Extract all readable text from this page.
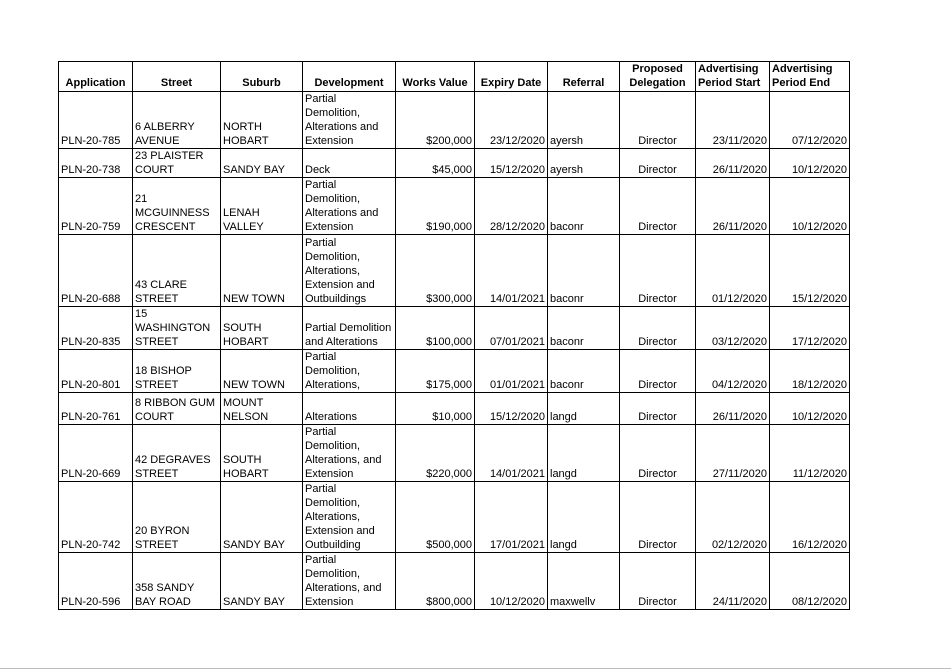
Application	Street	Suburb	Development	Works Value	Expiry Date	Referral	Proposed Delegation	Advertising Period Start	Advertising Period End
PLN-20-785	6 ALBERRY AVENUE	NORTH HOBART	Partial Demolition, Alterations and Extension	$200,000	23/12/2020	ayersh	Director	23/11/2020	07/12/2020
PLN-20-738	23 PLAISTER COURT	SANDY BAY	Deck	$45,000	15/12/2020	ayersh	Director	26/11/2020	10/12/2020
PLN-20-759	21 MCGUINNESS CRESCENT	LENAH VALLEY	Partial Demolition, Alterations and Extension	$190,000	28/12/2020	baconr	Director	26/11/2020	10/12/2020
PLN-20-688	43 CLARE STREET	NEW TOWN	Partial Demolition, Alterations, Extension and Outbuildings	$300,000	14/01/2021	baconr	Director	01/12/2020	15/12/2020
PLN-20-835	15 WASHINGTON STREET	SOUTH HOBART	Partial Demolition and Alterations	$100,000	07/01/2021	baconr	Director	03/12/2020	17/12/2020
PLN-20-801	18 BISHOP STREET	NEW TOWN	Partial Demolition, Alterations,	$175,000	01/01/2021	baconr	Director	04/12/2020	18/12/2020
PLN-20-761	8 RIBBON GUM COURT	MOUNT NELSON	Alterations	$10,000	15/12/2020	langd	Director	26/11/2020	10/12/2020
PLN-20-669	42 DEGRAVES STREET	SOUTH HOBART	Partial Demolition, Alterations, and Extension	$220,000	14/01/2021	langd	Director	27/11/2020	11/12/2020
PLN-20-742	20 BYRON STREET	SANDY BAY	Partial Demolition, Alterations, Extension and Outbuilding	$500,000	17/01/2021	langd	Director	02/12/2020	16/12/2020
PLN-20-596	358 SANDY BAY ROAD	SANDY BAY	Partial Demolition, Alterations, and Extension	$800,000	10/12/2020	maxwellv	Director	24/11/2020	08/12/2020
